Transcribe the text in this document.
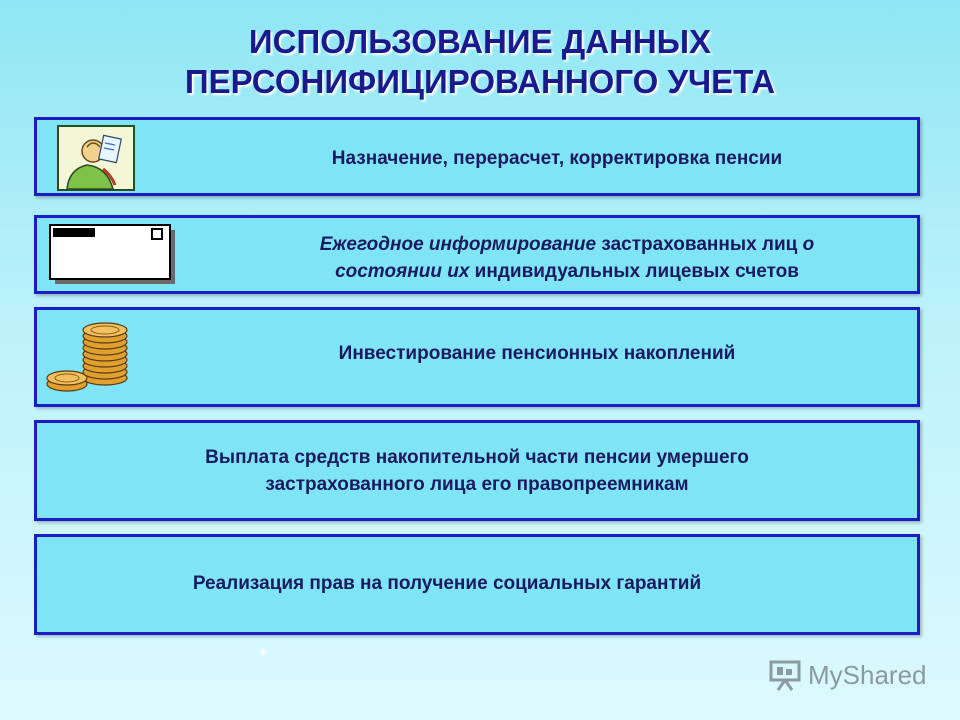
ИСПОЛЬЗОВАНИЕ ДАННЫХ
ПЕРСОНИФИЦИРОВАННОГО УЧЕТА
Назначение, перерасчет, корректировка пенсии
Ежегодное информирование застрахованных лиц о
состоянии их индивидуальных лицевых счетов
Инвестирование пенсионных накоплений
Выплата средств накопительной части пенсии умершего
застрахованного лица его правопреемникам
Реализация прав на получение социальных гарантий
MyShared
